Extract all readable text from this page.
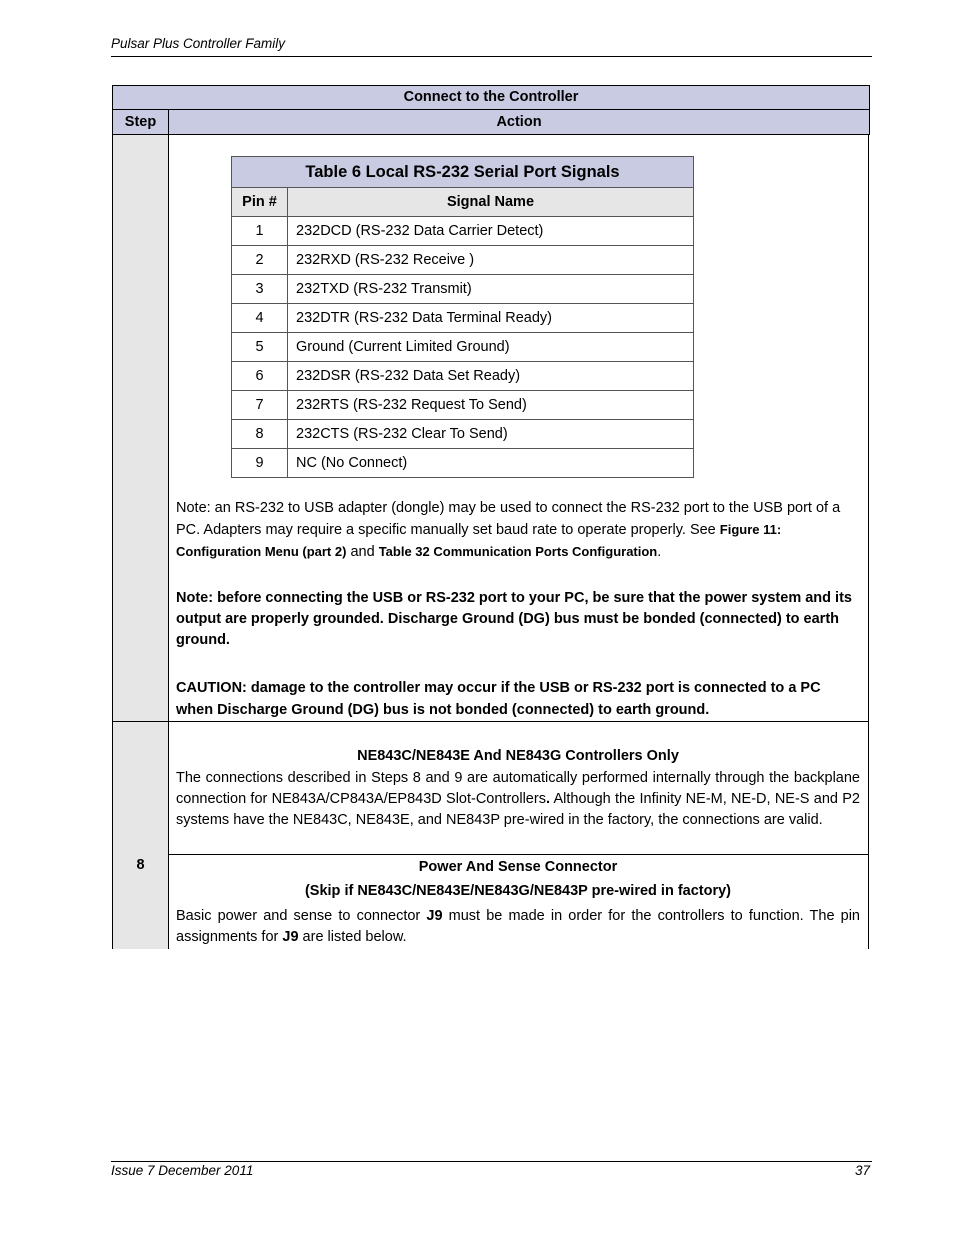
Pulsar Plus Controller Family
Connect to the Controller
Step	Action
8
Table 6 Local RS-232 Serial Port Signals
Pin #	Signal Name
1	232DCD (RS-232 Data Carrier Detect)
2	232RXD (RS-232 Receive )
3	232TXD (RS-232 Transmit)
4	232DTR (RS-232 Data Terminal Ready)
5	Ground (Current Limited Ground)
6	232DSR (RS-232 Data Set Ready)
7	232RTS (RS-232 Request To Send)
8	232CTS (RS-232 Clear To Send)
9	NC (No Connect)
Note: an RS-232 to USB adapter (dongle) may be used to connect the RS-232 port to the USB port of a PC. Adapters may require a specific manually set baud rate to operate properly. See Figure 11: Configuration Menu (part 2) and Table 32 Communication Ports Configuration.
Note: before connecting the USB or RS-232 port to your PC, be sure that the power system and its output are properly grounded. Discharge Ground (DG) bus must be bonded (connected) to earth ground.
CAUTION: damage to the controller may occur if the USB or RS-232 port is connected to a PC when Discharge Ground (DG) bus is not bonded (connected) to earth ground.
NE843C/NE843E And NE843G Controllers Only
The connections described in Steps 8 and 9 are automatically performed internally through the backplane connection for NE843A/CP843A/EP843D Slot-Controllers. Although the Infinity NE-M, NE-D, NE-S and P2 systems have the NE843C, NE843E, and NE843P pre-wired in the factory, the connections are valid.
Power And Sense Connector
(Skip if NE843C/NE843E/NE843G/NE843P pre-wired in factory)
Basic power and sense to connector J9 must be made in order for the controllers to function. The pin assignments for J9 are listed below.
Issue 7 December 2011	37
